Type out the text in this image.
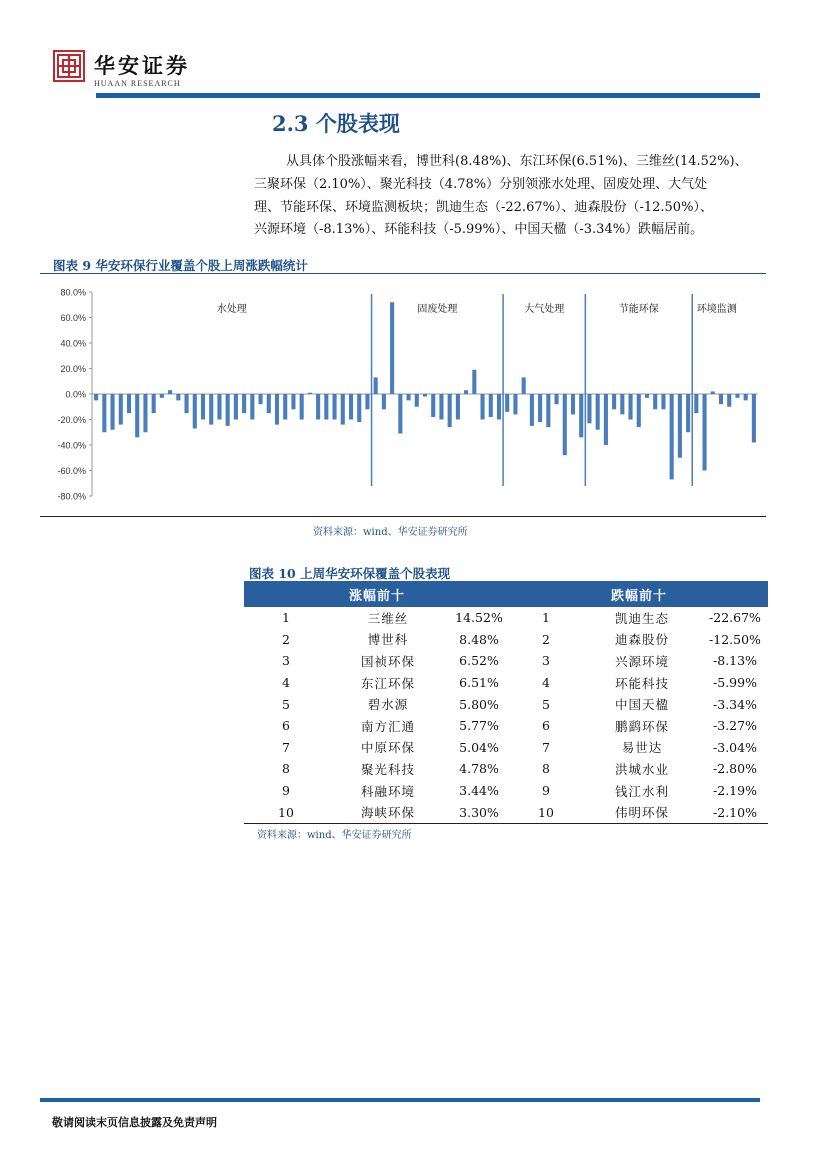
华安证券
HUAAN RESEARCH
2.3 个股表现
从具体个股涨幅来看，博世科(8.48%)、东江环保(6.51%)、三维丝(14.52%)、
三聚环保（2.10%）、聚光科技（4.78%）分别领涨水处理、固废处理、大气处
理、节能环保、环境监测板块；凯迪生态（-22.67%）、迪森股份（-12.50%）、
兴源环境（-8.13%）、环能科技（-5.99%）、中国天楹（-3.34%）跌幅居前。
图表 9 华安环保行业覆盖个股上周涨跌幅统计
80.0%
60.0%
40.0%
20.0%
0.0%
-20.0%
-40.0%
-60.0%
-80.0%
水处理	固废处理	大气处理	节能环保	环境监测
资料来源：wind、华安证券研究所
图表 10 上周华安环保覆盖个股表现
涨幅前十			跌幅前十		
1	三维丝	14.52%	1	凯迪生态	-22.67%
2	博世科	8.48%	2	迪森股份	-12.50%
3	国祯环保	6.52%	3	兴源环境	-8.13%
4	东江环保	6.51%	4	环能科技	-5.99%
5	碧水源	5.80%	5	中国天楹	-3.34%
6	南方汇通	5.77%	6	鹏鹞环保	-3.27%
7	中原环保	5.04%	7	易世达	-3.04%
8	聚光科技	4.78%	8	洪城水业	-2.80%
9	科融环境	3.44%	9	钱江水利	-2.19%
10	海峡环保	3.30%	10	伟明环保	-2.10%
资料来源：wind、华安证券研究所
敬请阅读末页信息披露及免责声明
